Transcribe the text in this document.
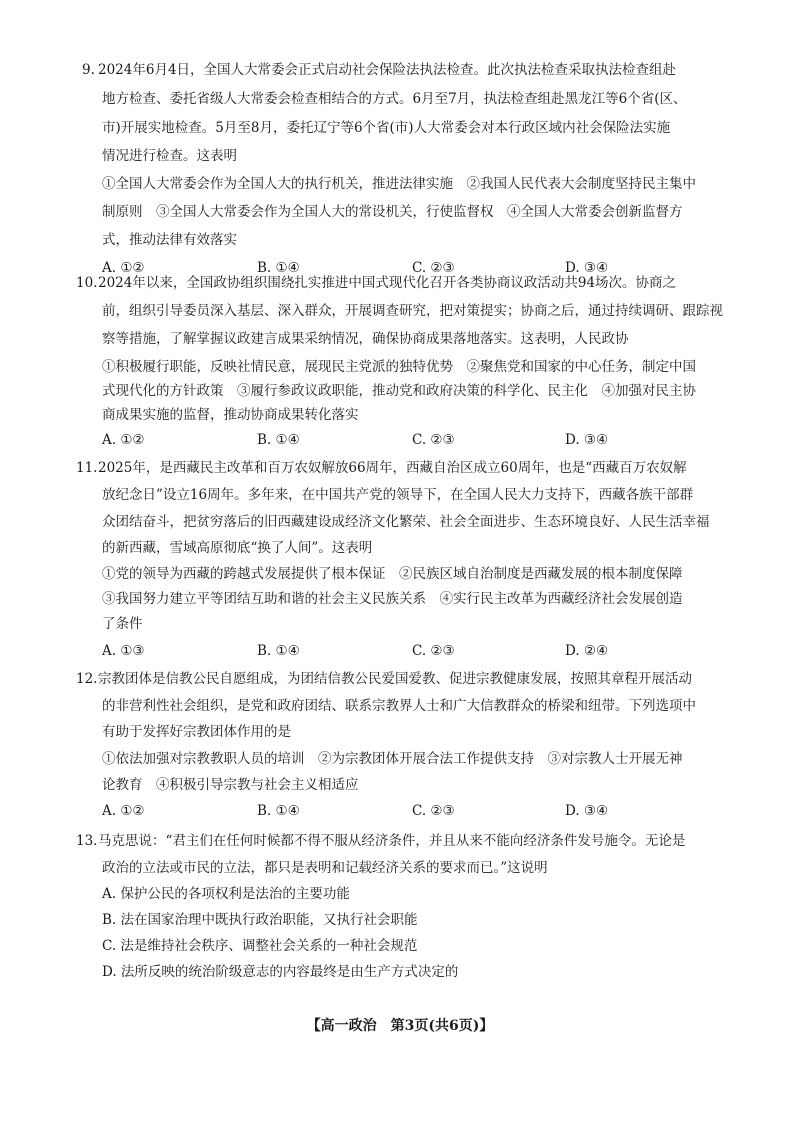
9. 2024年6月4日，全国人大常委会正式启动社会保险法执法检查。此次执法检查采取执法检查组赴
地方检查、委托省级人大常委会检查相结合的方式。6月至7月，执法检查组赴黑龙江等6个省(区、
市)开展实地检查。5月至8月，委托辽宁等6个省(市)人大常委会对本行政区域内社会保险法实施
情况进行检查。这表明
①全国人大常委会作为全国人大的执行机关，推进法律实施　②我国人民代表大会制度坚持民主集中
制原则　③全国人大常委会作为全国人大的常设机关，行使监督权　④全国人大常委会创新监督方
式，推动法律有效落实
A. ①②	B. ①④	C. ②③	D. ③④
10. 2024年以来，全国政协组织围绕扎实推进中国式现代化召开各类协商议政活动共94场次。协商之
前，组织引导委员深入基层、深入群众，开展调查研究，把对策提实；协商之后，通过持续调研、跟踪视
察等措施，了解掌握议政建言成果采纳情况，确保协商成果落地落实。这表明，人民政协
①积极履行职能，反映社情民意，展现民主党派的独特优势　②聚焦党和国家的中心任务，制定中国
式现代化的方针政策　③履行参政议政职能，推动党和政府决策的科学化、民主化　④加强对民主协
商成果实施的监督，推动协商成果转化落实
A. ①②	B. ①④	C. ②③	D. ③④
11. 2025年，是西藏民主改革和百万农奴解放66周年，西藏自治区成立60周年，也是“西藏百万农奴解
放纪念日”设立16周年。多年来，在中国共产党的领导下，在全国人民大力支持下，西藏各族干部群
众团结奋斗，把贫穷落后的旧西藏建设成经济文化繁荣、社会全面进步、生态环境良好、人民生活幸福
的新西藏，雪域高原彻底“换了人间”。这表明
①党的领导为西藏的跨越式发展提供了根本保证　②民族区域自治制度是西藏发展的根本制度保障
③我国努力建立平等团结互助和谐的社会主义民族关系　④实行民主改革为西藏经济社会发展创造
了条件
A. ①③	B. ①④	C. ②③	D. ②④
12. 宗教团体是信教公民自愿组成，为团结信教公民爱国爱教、促进宗教健康发展，按照其章程开展活动
的非营利性社会组织，是党和政府团结、联系宗教界人士和广大信教群众的桥梁和纽带。下列选项中
有助于发挥好宗教团体作用的是
①依法加强对宗教教职人员的培训　②为宗教团体开展合法工作提供支持　③对宗教人士开展无神
论教育　④积极引导宗教与社会主义相适应
A. ①②	B. ①④	C. ②③	D. ③④
13. 马克思说：“君主们在任何时候都不得不服从经济条件，并且从来不能向经济条件发号施令。无论是
政治的立法或市民的立法，都只是表明和记载经济关系的要求而已。”这说明
A. 保护公民的各项权利是法治的主要功能
B. 法在国家治理中既执行政治职能，又执行社会职能
C. 法是维持社会秩序、调整社会关系的一种社会规范
D. 法所反映的统治阶级意志的内容最终是由生产方式决定的
【高一政治　第3页(共6页)】
